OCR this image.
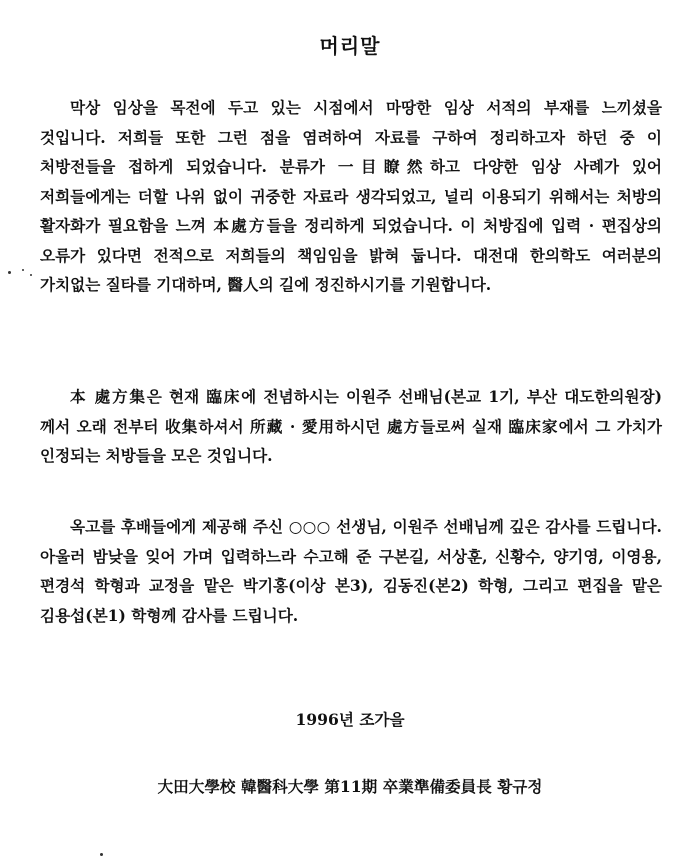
머리말

막상 임상을 목전에 두고 있는 시점에서 마땅한 임상 서적의 부재를 느끼셨을 것입니다. 저희들 또한 그런 점을 염려하여 자료를 구하여 정리하고자 하던 중 이 처방전들을 접하게 되었습니다. 분류가 一目瞭然하고 다양한 임상 사례가 있어 저희들에게는 더할 나위 없이 귀중한 자료라 생각되었고, 널리 이용되기 위해서는 처방의 활자화가 필요함을 느껴 本處方들을 정리하게 되었습니다. 이 처방집에 입력 · 편집상의 오류가 있다면 전적으로 저희들의 책임임을 밝혀 둡니다. 대전대 한의학도 여러분의 가치없는 질타를 기대하며, 醫人의 길에 정진하시기를 기원합니다.

本 處方集은 현재 臨床에 전념하시는 이원주 선배님(본교 1기, 부산 대도한의원장)께서 오래 전부터 收集하셔서 所藏 · 愛用하시던 處方들로써 실재 臨床家에서 그 가치가 인정되는 처방들을 모은 것입니다.

옥고를 후배들에게 제공해 주신 ○○○ 선생님, 이원주 선배님께 깊은 감사를 드립니다. 아울러 밤낮을 잊어 가며 입력하느라 수고해 준 구본길, 서상훈, 신황수, 양기영, 이영용, 편경석 학형과 교정을 맡은 박기홍(이상 본3), 김동진(본2) 학형, 그리고 편집을 맡은 김용섭(본1) 학형께 감사를 드립니다.

1996년 조가을
大田大學校 韓醫科大學 第11期 卒業準備委員長 황규정
